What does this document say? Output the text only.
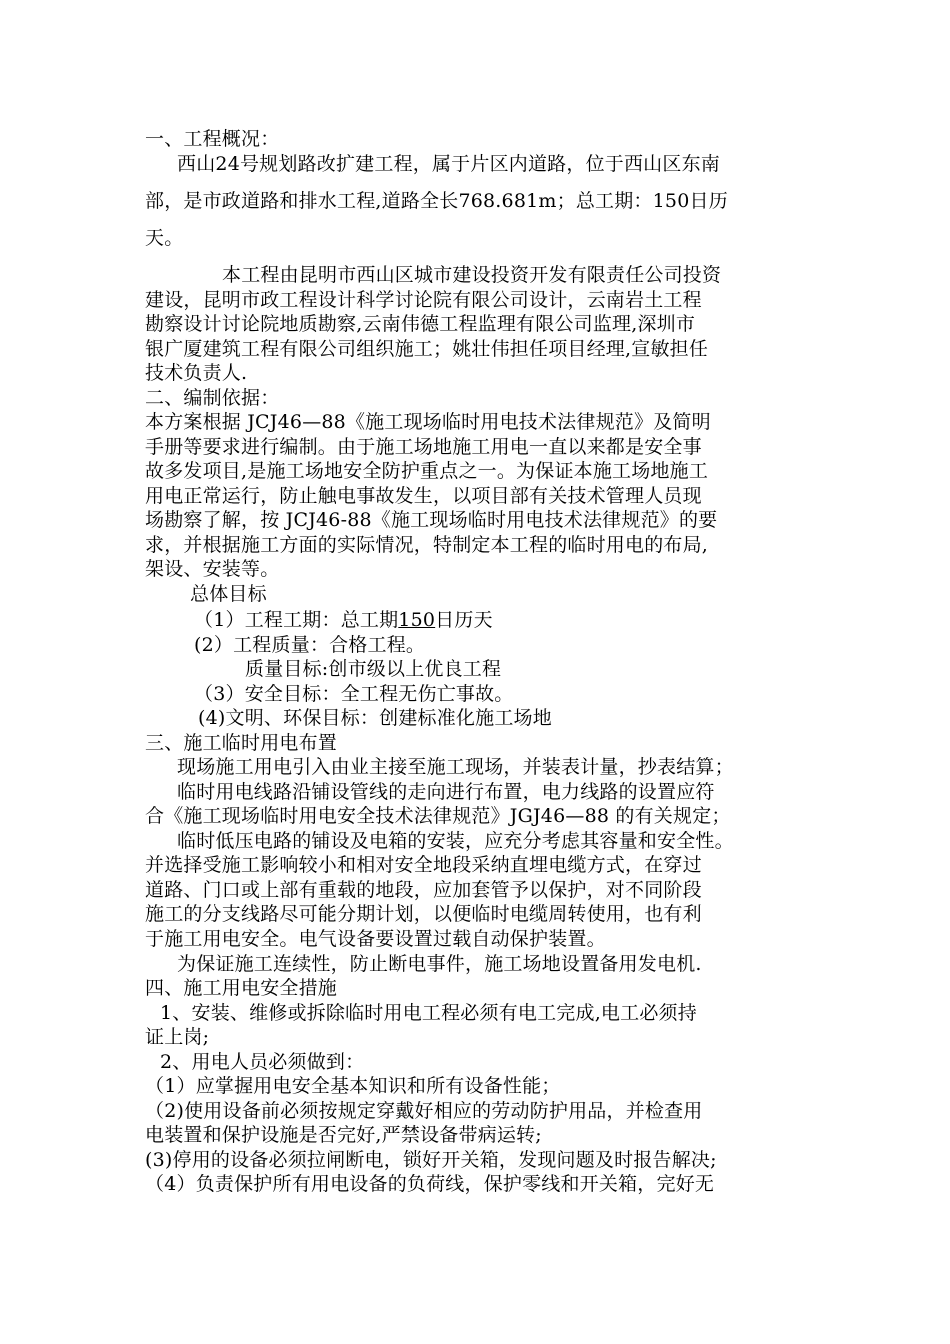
一、工程概况：
西山24号规划路改扩建工程，属于片区内道路，位于西山区东南
部，是市政道路和排水工程,道路全长768.681m；总工期：150日历
天。
本工程由昆明市西山区城市建设投资开发有限责任公司投资
建设，昆明市政工程设计科学讨论院有限公司设计，云南岩土工程
勘察设计讨论院地质勘察,云南伟德工程监理有限公司监理,深圳市
银广厦建筑工程有限公司组织施工；姚壮伟担任项目经理,宣敏担任
技术负责人.
二、编制依据：
本方案根据 JCJ46—88《施工现场临时用电技术法律规范》及简明
手册等要求进行编制。由于施工场地施工用电一直以来都是安全事
故多发项目,是施工场地安全防护重点之一。为保证本施工场地施工
用电正常运行，防止触电事故发生，以项目部有关技术管理人员现
场勘察了解，按 JCJ46-88《施工现场临时用电技术法律规范》的要
求，并根据施工方面的实际情况，特制定本工程的临时用电的布局,
架设、安装等。
总体目标
（1）工程工期：总工期150日历天
(2）工程质量：合格工程。
质量目标:创市级以上优良工程
（3）安全目标：全工程无伤亡事故。
(4)文明、环保目标：创建标准化施工场地
三、施工临时用电布置
现场施工用电引入由业主接至施工现场，并装表计量，抄表结算；
临时用电线路沿铺设管线的走向进行布置，电力线路的设置应符
合《施工现场临时用电安全技术法律规范》JGJ46—88 的有关规定；
临时低压电路的铺设及电箱的安装，应充分考虑其容量和安全性。
并选择受施工影响较小和相对安全地段采纳直埋电缆方式，在穿过
道路、门口或上部有重载的地段，应加套管予以保护，对不同阶段
施工的分支线路尽可能分期计划，以便临时电缆周转使用，也有利
于施工用电安全。电气设备要设置过载自动保护装置。
为保证施工连续性，防止断电事件，施工场地设置备用发电机.
四、施工用电安全措施
1、安装、维修或拆除临时用电工程必须有电工完成,电工必须持
证上岗;
2、用电人员必须做到：
（1）应掌握用电安全基本知识和所有设备性能；
（2)使用设备前必须按规定穿戴好相应的劳动防护用品，并检查用
电装置和保护设施是否完好,严禁设备带病运转;
(3)停用的设备必须拉闸断电，锁好开关箱，发现问题及时报告解决;
（4）负责保护所有用电设备的负荷线，保护零线和开关箱，完好无
